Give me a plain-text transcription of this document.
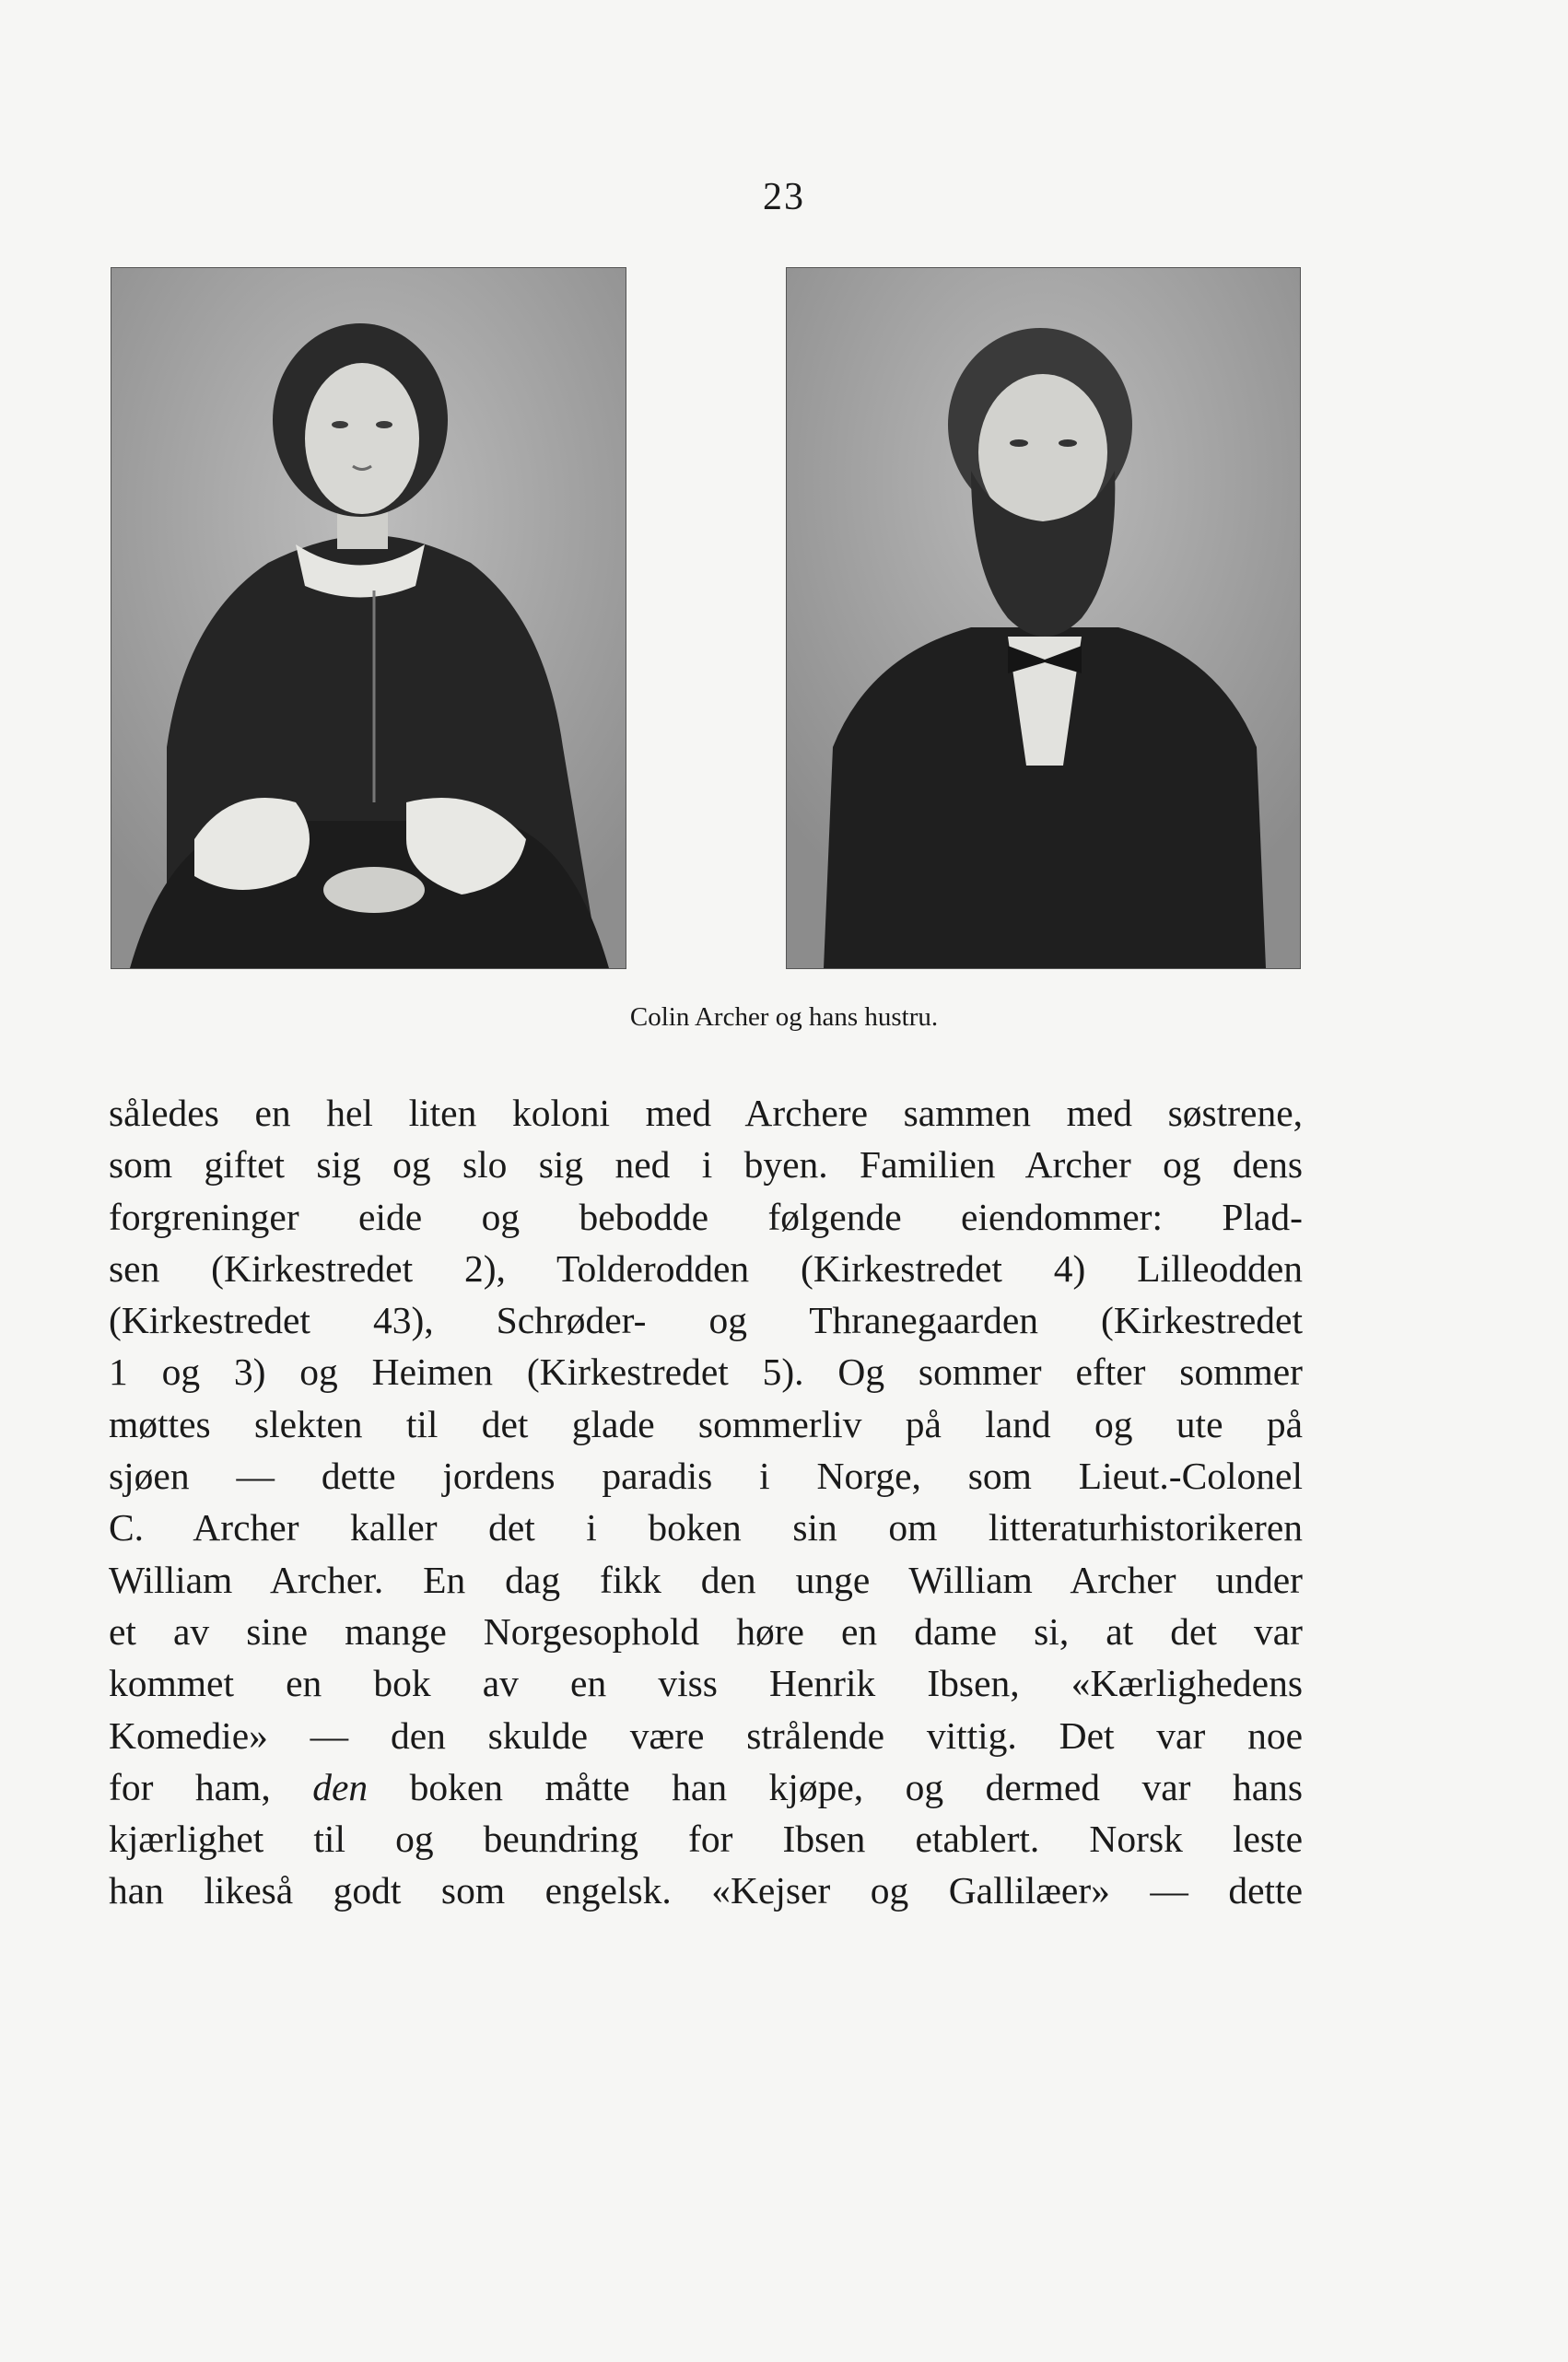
23
Colin Archer og hans hustru.
således en hel liten koloni med Archere sammen med søstrene,
som giftet sig og slo sig ned i byen. Familien Archer og dens
forgreninger eide og bebodde følgende eiendommer: Plad-
sen (Kirkestredet 2), Tolderodden (Kirkestredet 4) Lilleodden
(Kirkestredet 43), Schrøder- og Thranegaarden (Kirkestredet
1 og 3) og Heimen (Kirkestredet 5). Og sommer efter sommer
møttes slekten til det glade sommerliv på land og ute på
sjøen — dette jordens paradis i Norge, som Lieut.-Colonel
C. Archer kaller det i boken sin om litteraturhistorikeren
William Archer. En dag fikk den unge William Archer under
et av sine mange Norgesophold høre en dame si, at det var
kommet en bok av en viss Henrik Ibsen, «Kærlighedens
Komedie» — den skulde være strålende vittig. Det var noe
for ham, den boken måtte han kjøpe, og dermed var hans
kjærlighet til og beundring for Ibsen etablert. Norsk leste
han likeså godt som engelsk. «Kejser og Gallilæer» — dette
